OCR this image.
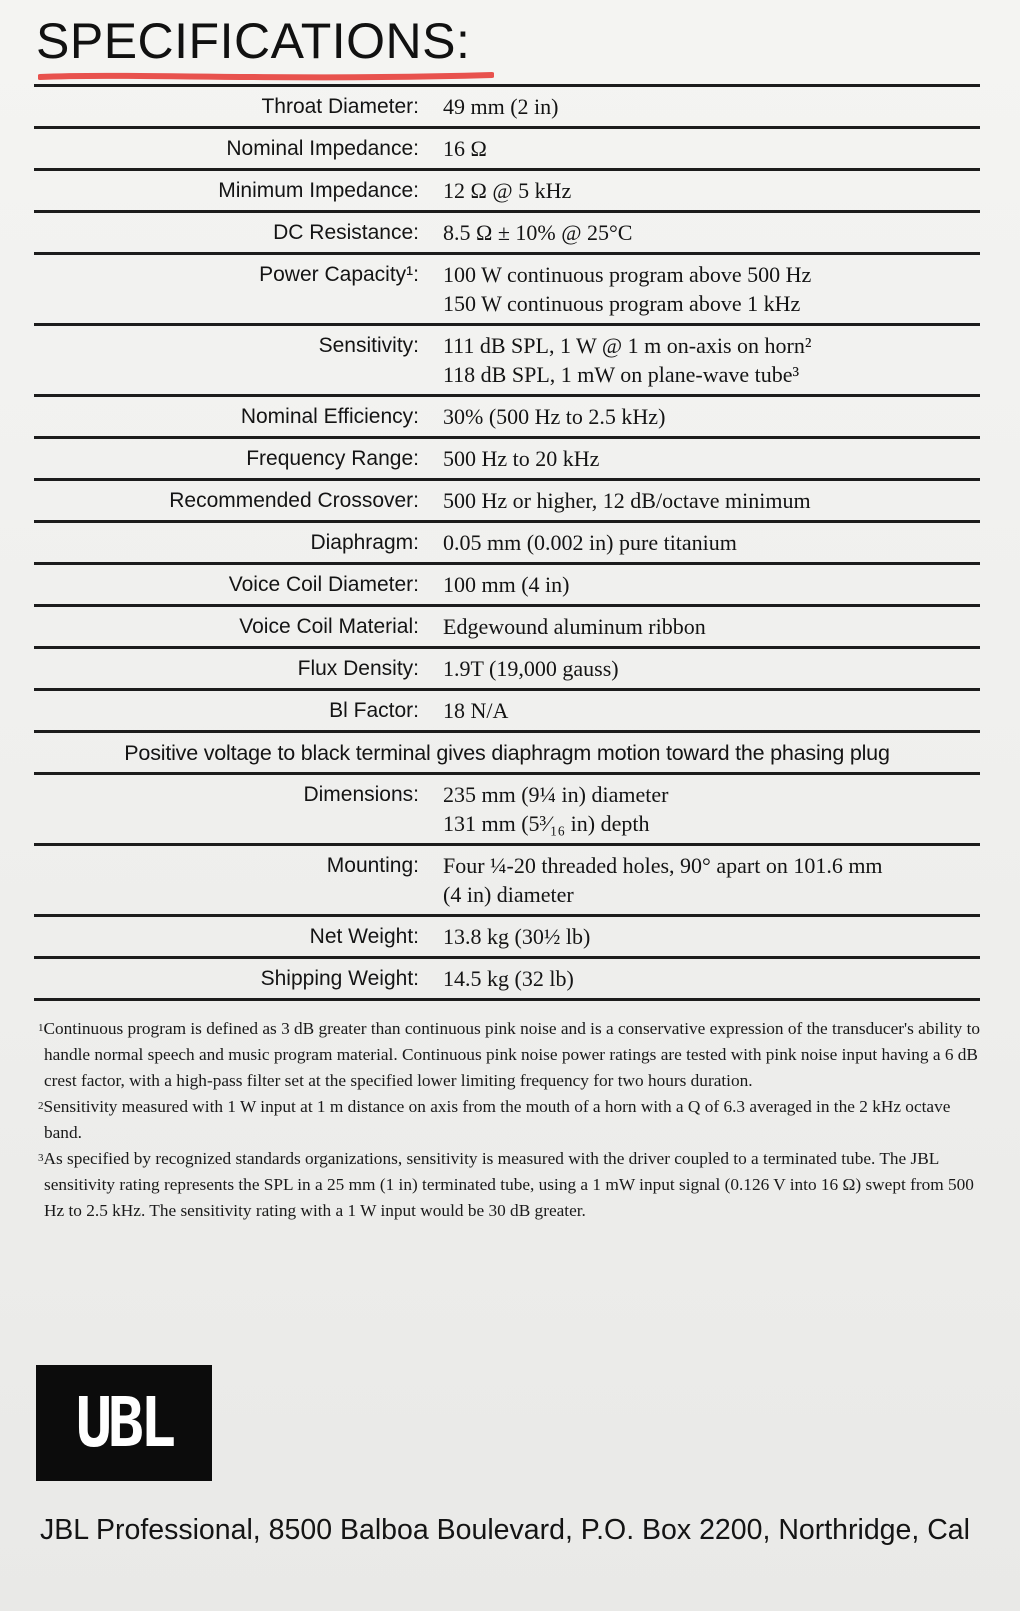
SPECIFICATIONS:
Throat Diameter:	49 mm (2 in)

Nominal Impedance:	16 Ω

Minimum Impedance:	12 Ω @ 5 kHz

DC Resistance:	8.5 Ω ± 10% @ 25°C

Power Capacity¹:	100 W continuous program above 500 Hz
150 W continuous program above 1 kHz

Sensitivity:	111 dB SPL, 1 W @ 1 m on-axis on horn²
118 dB SPL, 1 mW on plane-wave tube³

Nominal Efficiency:	30% (500 Hz to 2.5 kHz)

Frequency Range:	500 Hz to 20 kHz

Recommended Crossover:	500 Hz or higher, 12 dB/octave minimum

Diaphragm:	0.05 mm (0.002 in) pure titanium

Voice Coil Diameter:	100 mm (4 in)

Voice Coil Material:	Edgewound aluminum ribbon

Flux Density:	1.9T (19,000 gauss)

Bl Factor:	18 N/A

Positive voltage to black terminal gives diaphragm motion toward the phasing plug	
Dimensions:	235 mm (9¼ in) diameter
131 mm (5³⁄₁₆ in) depth

Mounting:	Four ¼-20 threaded holes, 90° apart on 101.6 mm
(4 in) diameter

Net Weight:	13.8 kg (30½ lb)

Shipping Weight:	14.5 kg (32 lb)

$^1$Continuous program is defined as 3 dB greater than continuous pink noise and is a conservative expression of the transducer's ability to handle normal speech and music program material. Continuous pink noise power ratings are tested with pink noise input having a 6 dB crest factor, with a high-pass filter set at the specified lower limiting frequency for two hours duration.

$^2$Sensitivity measured with 1 W input at 1 m distance on axis from the mouth of a horn with a Q of 6.3 averaged in the 2 kHz octave band.

$^3$As specified by recognized standards organizations, sensitivity is measured with the driver coupled to a terminated tube. The JBL sensitivity rating represents the SPL in a 25 mm (1 in) terminated tube, using a 1 mW input signal (0.126 V into 16 Ω) swept from 500 Hz to 2.5 kHz. The sensitivity rating with a 1 W input would be 30 dB greater.

UBL
JBL Professional, 8500 Balboa Boulevard, P.O. Box 2200, Northridge, Cal
